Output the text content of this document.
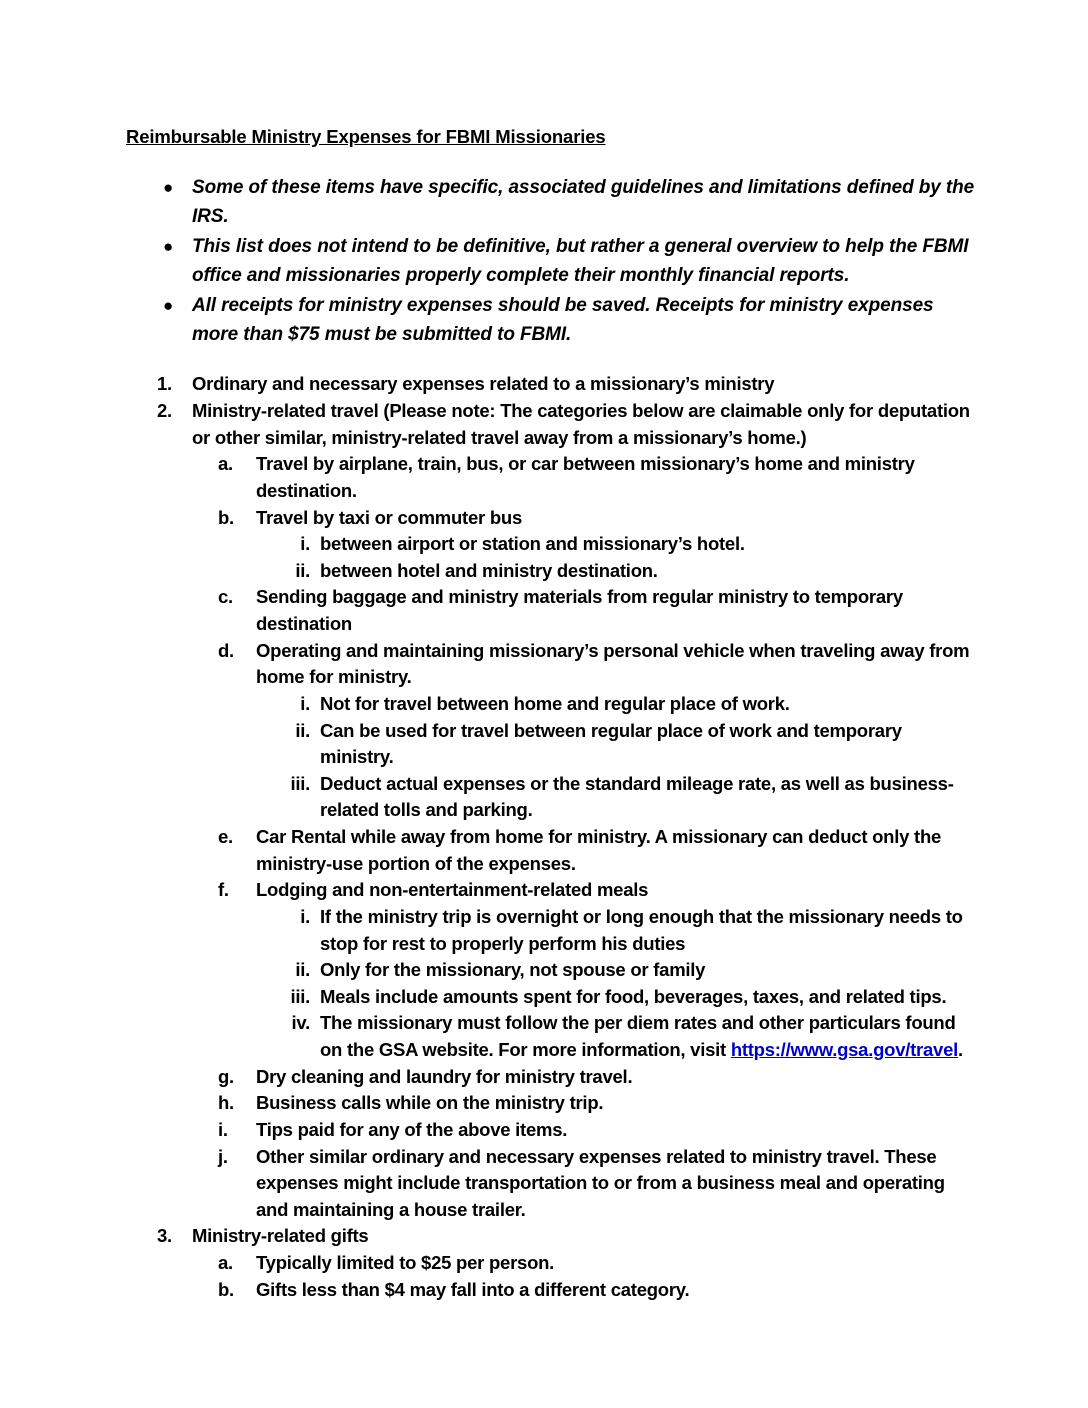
Reimbursable Ministry Expenses for FBMI Missionaries
● Some of these items have specific, associated guidelines and limitations defined by the IRS.
● This list does not intend to be definitive, but rather a general overview to help the FBMI office and missionaries properly complete their monthly financial reports.
● All receipts for ministry expenses should be saved. Receipts for ministry expenses more than $75 must be submitted to FBMI.
1.	Ordinary and necessary expenses related to a missionary’s ministry
2.	Ministry-related travel (Please note: The categories below are claimable only for deputation or other similar, ministry-related travel away from a missionary’s home.)
a.	Travel by airplane, train, bus, or car between missionary’s home and ministry destination.
b.	Travel by taxi or commuter bus
i. between airport or station and missionary’s hotel.
ii. between hotel and ministry destination.
c.	Sending baggage and ministry materials from regular ministry to temporary destination
d.	Operating and maintaining missionary’s personal vehicle when traveling away from home for ministry.
i. Not for travel between home and regular place of work.
ii. Can be used for travel between regular place of work and temporary ministry.
iii. Deduct actual expenses or the standard mileage rate, as well as business-related tolls and parking.
e.	Car Rental while away from home for ministry. A missionary can deduct only the ministry-use portion of the expenses.
f.	Lodging and non-entertainment-related meals
i. If the ministry trip is overnight or long enough that the missionary needs to stop for rest to properly perform his duties
ii. Only for the missionary, not spouse or family
iii. Meals include amounts spent for food, beverages, taxes, and related tips.
iv. The missionary must follow the per diem rates and other particulars found on the GSA website. For more information, visit https://www.gsa.gov/travel.
g.	Dry cleaning and laundry for ministry travel.
h.	Business calls while on the ministry trip.
i.	Tips paid for any of the above items.
j.	Other similar ordinary and necessary expenses related to ministry travel. These expenses might include transportation to or from a business meal and operating and maintaining a house trailer.
3.	Ministry-related gifts
a.	Typically limited to $25 per person.
b.	Gifts less than $4 may fall into a different category.
